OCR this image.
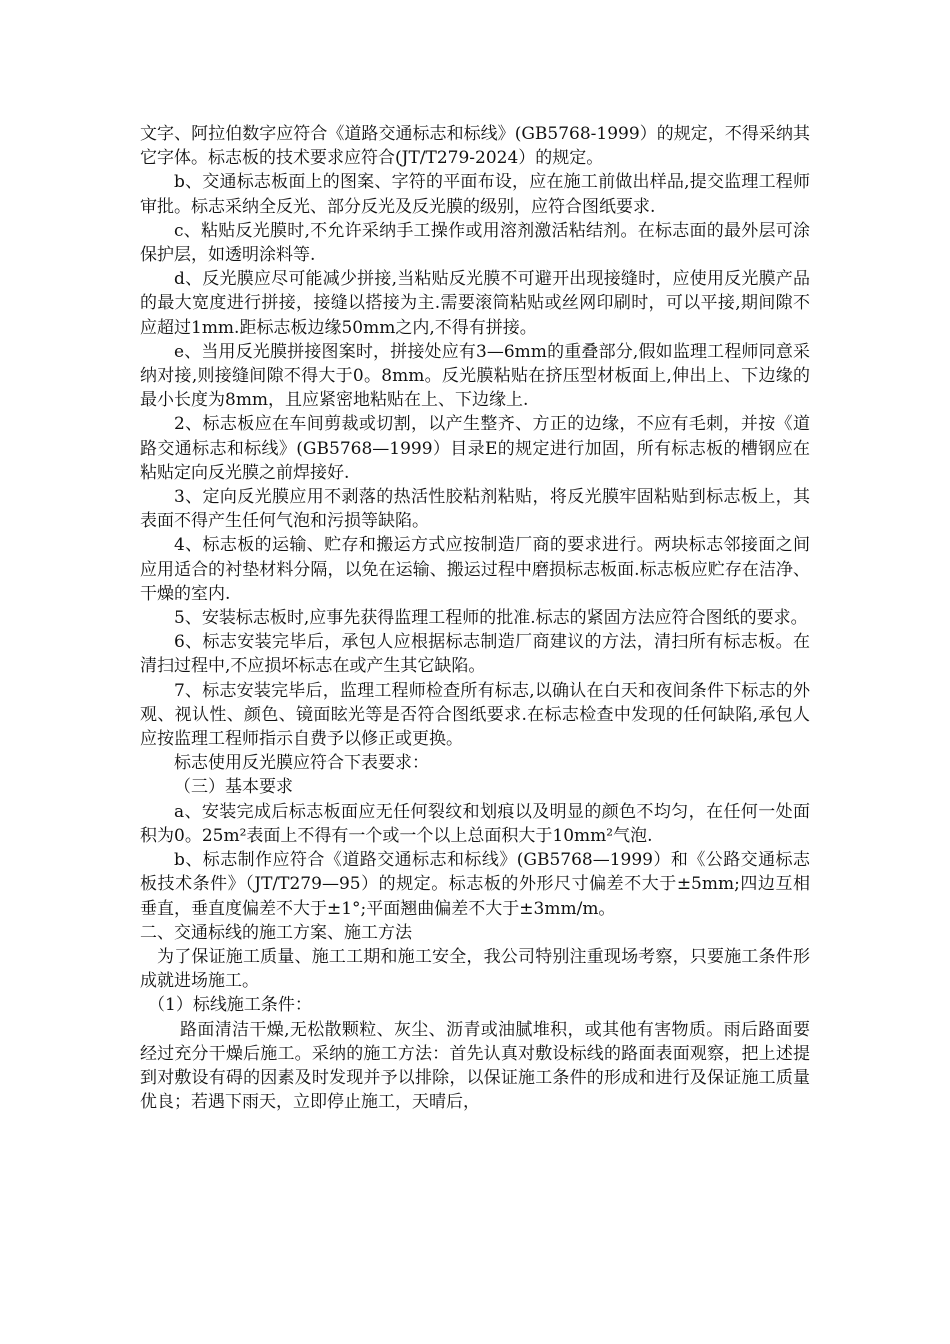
文字、阿拉伯数字应符合《道路交通标志和标线》(GB5768-1999）的规定，不得采纳其它字体。标志板的技术要求应符合(JT/T279-2024）的规定。

b、交通标志板面上的图案、字符的平面布设，应在施工前做出样品,提交监理工程师审批。标志采纳全反光、部分反光及反光膜的级别，应符合图纸要求.

c、粘贴反光膜时,不允许采纳手工操作或用溶剂激活粘结剂。在标志面的最外层可涂保护层，如透明涂料等.

d、反光膜应尽可能减少拼接,当粘贴反光膜不可避开出现接缝时，应使用反光膜产品的最大宽度进行拼接，接缝以搭接为主.需要滚筒粘贴或丝网印刷时，可以平接,期间隙不应超过1mm.距标志板边缘50mm之内,不得有拼接。

e、当用反光膜拼接图案时，拼接处应有3—6mm的重叠部分,假如监理工程师同意采纳对接,则接缝间隙不得大于0。8mm。反光膜粘贴在挤压型材板面上,伸出上、下边缘的最小长度为8mm，且应紧密地粘贴在上、下边缘上.

2、标志板应在车间剪裁或切割，以产生整齐、方正的边缘，不应有毛刺，并按《道路交通标志和标线》(GB5768—1999）目录E的规定进行加固，所有标志板的槽钢应在粘贴定向反光膜之前焊接好.

3、定向反光膜应用不剥落的热活性胶粘剂粘贴，将反光膜牢固粘贴到标志板上，其表面不得产生任何气泡和污损等缺陷。

4、标志板的运输、贮存和搬运方式应按制造厂商的要求进行。两块标志邻接面之间应用适合的衬垫材料分隔，以免在运输、搬运过程中磨损标志板面.标志板应贮存在洁净、干燥的室内.

5、安装标志板时,应事先获得监理工程师的批准.标志的紧固方法应符合图纸的要求。

6、标志安装完毕后，承包人应根据标志制造厂商建议的方法，清扫所有标志板。在清扫过程中,不应损坏标志在或产生其它缺陷。

7、标志安装完毕后，监理工程师检查所有标志,以确认在白天和夜间条件下标志的外观、视认性、颜色、镜面眩光等是否符合图纸要求.在标志检查中发现的任何缺陷,承包人应按监理工程师指示自费予以修正或更换。

标志使用反光膜应符合下表要求：

（三）基本要求

a、安装完成后标志板面应无任何裂纹和划痕以及明显的颜色不均匀，在任何一处面积为0。25m²表面上不得有一个或一个以上总面积大于10mm²气泡.

b、标志制作应符合《道路交通标志和标线》(GB5768—1999）和《公路交通标志板技术条件》（JT/T279—95）的规定。标志板的外形尺寸偏差不大于±5mm;四边互相垂直，垂直度偏差不大于±1°;平面翘曲偏差不大于±3mm/m。

二、交通标线的施工方案、施工方法

为了保证施工质量、施工工期和施工安全，我公司特别注重现场考察，只要施工条件形成就进场施工。

（1）标线施工条件：

路面清洁干燥,无松散颗粒、灰尘、沥青或油腻堆积，或其他有害物质。雨后路面要经过充分干燥后施工。采纳的施工方法：首先认真对敷设标线的路面表面观察，把上述提到对敷设有碍的因素及时发现并予以排除，以保证施工条件的形成和进行及保证施工质量优良；若遇下雨天，立即停止施工，天晴后，
